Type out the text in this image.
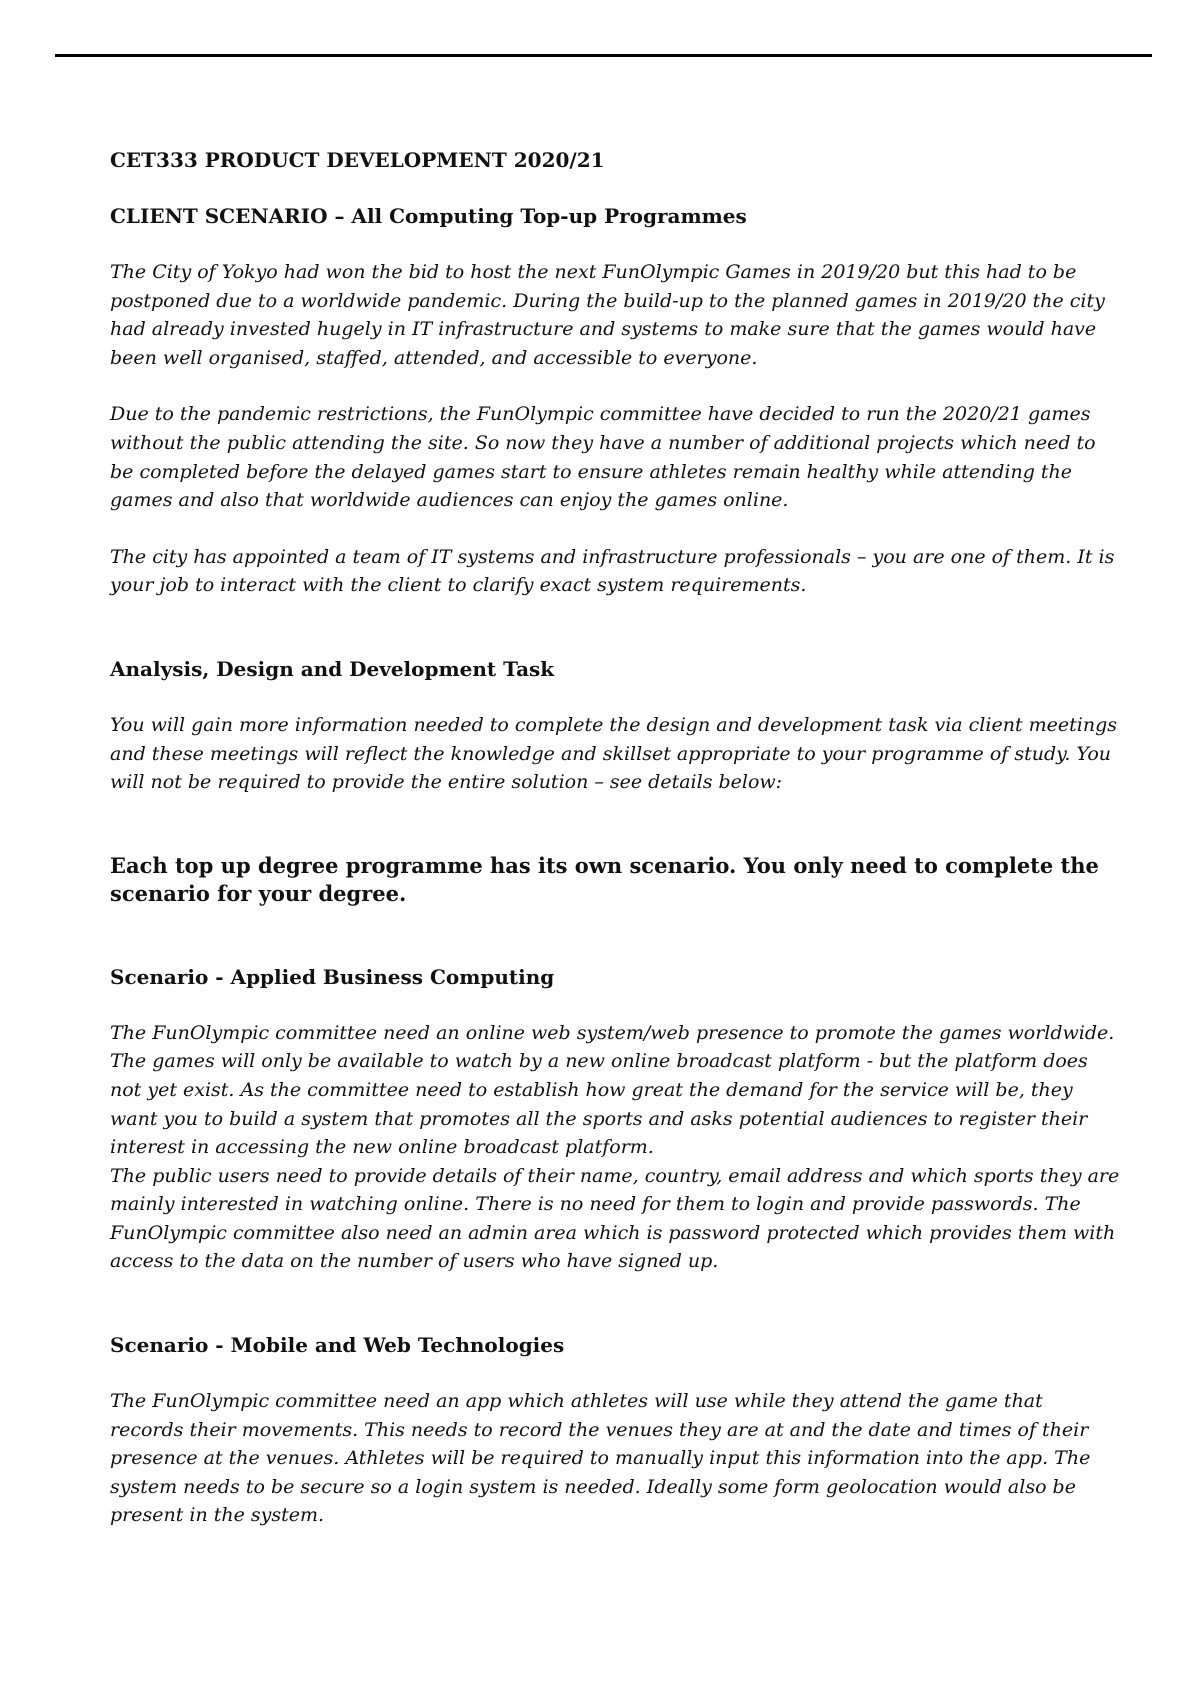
CET333 PRODUCT DEVELOPMENT 2020/21

CLIENT SCENARIO – All Computing Top-up Programmes

The City of Yokyo had won the bid to host the next FunOlympic Games in 2019/20 but this had to be postponed due to a worldwide pandemic. During the build-up to the planned games in 2019/20 the city had already invested hugely in IT infrastructure and systems to make sure that the games would have been well organised, staffed, attended, and accessible to everyone.

Due to the pandemic restrictions, the FunOlympic committee have decided to run the 2020/21 games without the public attending the site. So now they have a number of additional projects which need to be completed before the delayed games start to ensure athletes remain healthy while attending the games and also that worldwide audiences can enjoy the games online.

The city has appointed a team of IT systems and infrastructure professionals – you are one of them. It is your job to interact with the client to clarify exact system requirements.

Analysis, Design and Development Task

You will gain more information needed to complete the design and development task via client meetings and these meetings will reflect the knowledge and skillset appropriate to your programme of study. You will not be required to provide the entire solution – see details below:

Each top up degree programme has its own scenario. You only need to complete the scenario for your degree.

Scenario - Applied Business Computing

The FunOlympic committee need an online web system/web presence to promote the games worldwide. The games will only be available to watch by a new online broadcast platform - but the platform does not yet exist. As the committee need to establish how great the demand for the service will be, they want you to build a system that promotes all the sports and asks potential audiences to register their interest in accessing the new online broadcast platform.

The public users need to provide details of their name, country, email address and which sports they are mainly interested in watching online. There is no need for them to login and provide passwords. The FunOlympic committee also need an admin area which is password protected which provides them with access to the data on the number of users who have signed up.

Scenario - Mobile and Web Technologies

The FunOlympic committee need an app which athletes will use while they attend the game that records their movements. This needs to record the venues they are at and the date and times of their presence at the venues. Athletes will be required to manually input this information into the app. The system needs to be secure so a login system is needed. Ideally some form geolocation would also be present in the system.
